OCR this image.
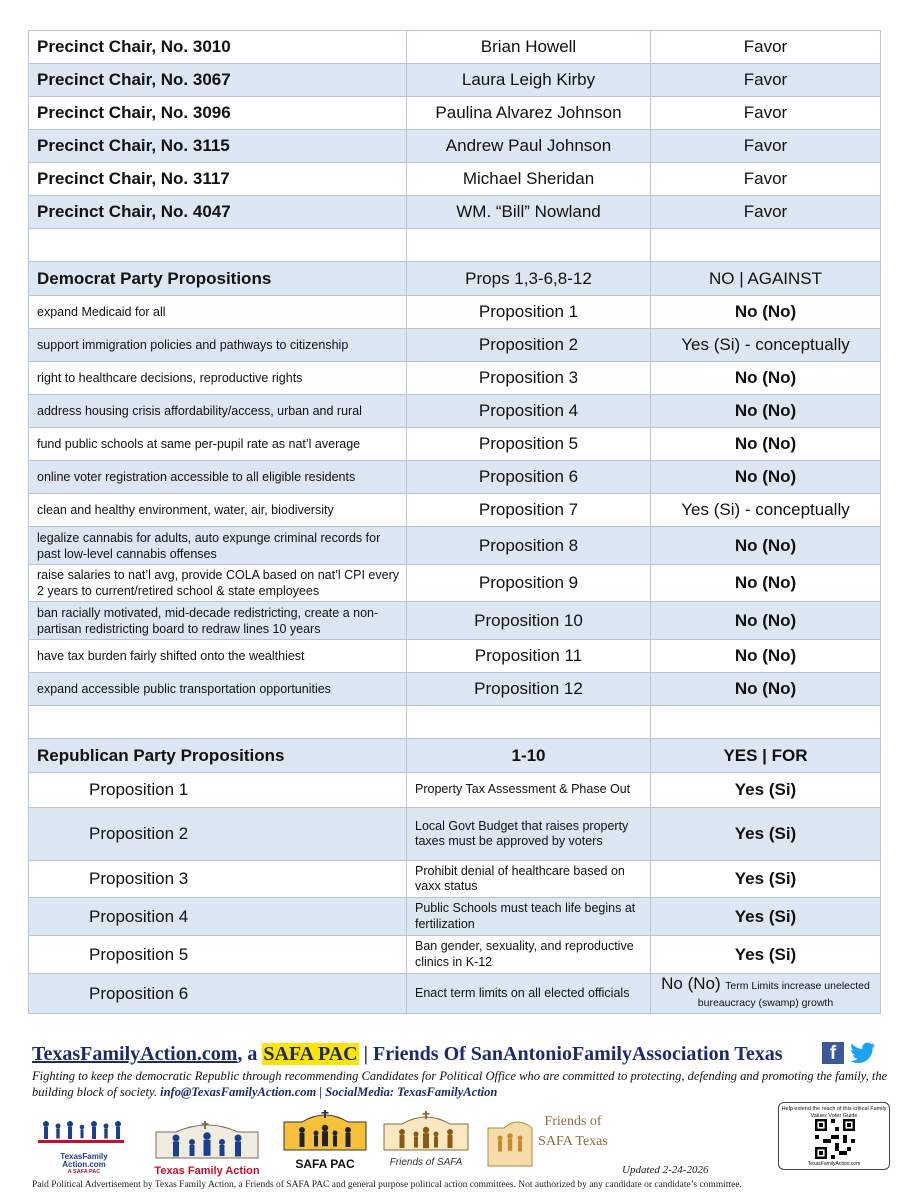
Precinct Chair, No. 3010	Brian Howell	Favor
Precinct Chair, No. 3067	Laura Leigh Kirby	Favor
Precinct Chair, No. 3096	Paulina Alvarez Johnson	Favor
Precinct Chair, No. 3115	Andrew Paul Johnson	Favor
Precinct Chair, No. 3117	Michael Sheridan	Favor
Precinct Chair, No. 4047	WM. “Bill” Nowland	Favor

Democrat Party Propositions	Props 1,3-6,8-12	NO | AGAINST
expand Medicaid for all	Proposition 1	No (No)
support immigration policies and pathways to citizenship	Proposition 2	Yes (Si) - conceptually
right to healthcare decisions, reproductive rights	Proposition 3	No (No)
address housing crisis affordability/access, urban and rural	Proposition 4	No (No)
fund public schools at same per-pupil rate as nat’l average	Proposition 5	No (No)
online voter registration accessible to all eligible residents	Proposition 6	No (No)
clean and healthy environment, water, air, biodiversity	Proposition 7	Yes (Si) - conceptually
legalize cannabis for adults, auto expunge criminal records for past low-level cannabis offenses	Proposition 8	No (No)
raise salaries to nat’l avg, provide COLA based on nat’l CPI every 2 years to current/retired school & state employees	Proposition 9	No (No)
ban racially motivated, mid-decade redistricting, create a non-partisan redistricting board to redraw lines 10 years	Proposition 10	No (No)
have tax burden fairly shifted onto the wealthiest	Proposition 11	No (No)
expand accessible public transportation opportunities	Proposition 12	No (No)

Republican Party Propositions	1-10	YES | FOR
Proposition 1	Property Tax Assessment & Phase Out	Yes (Si)
Proposition 2	Local Govt Budget that raises property taxes must be approved by voters	Yes (Si)
Proposition 3	Prohibit denial of healthcare based on vaxx status	Yes (Si)
Proposition 4	Public Schools must teach life begins at fertilization	Yes (Si)
Proposition 5	Ban gender, sexuality, and reproductive clinics in K-12	Yes (Si)
Proposition 6	Enact term limits on all elected officials	No (No) Term Limits increase unelected bureaucracy (swamp) growth
TexasFamilyAction.com, a SAFA PAC | Friends Of SanAntonioFamilyAssociation Texas	f
Fighting to keep the democratic Republic through recommending Candidates for Political Office who are committed to protecting, defending and promoting the family, the building block of society. info@TexasFamilyAction.com | SocialMedia: TexasFamilyAction
TexasFamily
Action.com
A SAFA PAC	Texas Family Action	SAFA PAC	Friends of SAFA
Friends of
SAFA Texas
Help extend the reach of this critical Family Values Voter Guide
TexasFamilyAction.com
Updated 2-24-2026
Paid Political Advertisement by Texas Family Action, a Friends of SAFA PAC and general purpose political action committees. Not authorized by any candidate or candidate’s committee.
